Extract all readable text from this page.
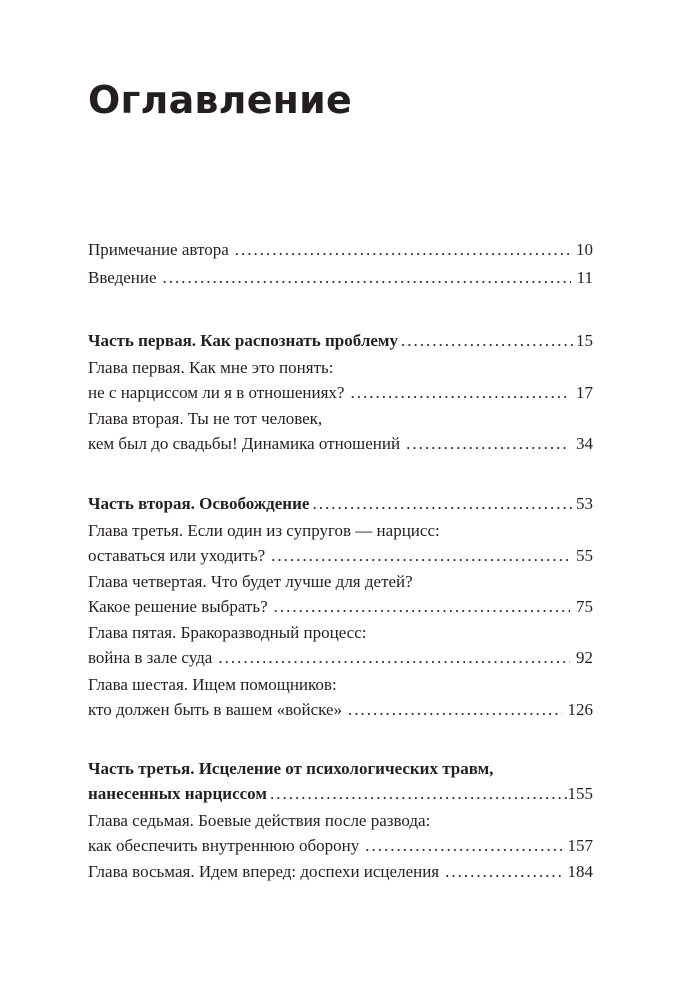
Оглавление
Примечание автора .....	10
Введение .....	11
Часть первая. Как распознать проблему .....	15
Глава первая. Как мне это понять:
не с нарциссом ли я в отношениях? .....	17
Глава вторая. Ты не тот человек,
кем был до свадьбы! Динамика отношений .....	34
Часть вторая. Освобождение .....	53
Глава третья. Если один из супругов — нарцисс:
оставаться или уходить? .....	55
Глава четвертая. Что будет лучше для детей?
Какое решение выбрать? .....	75
Глава пятая. Бракоразводный процесс:
война в зале суда .....	92
Глава шестая. Ищем помощников:
кто должен быть в вашем «войске» .....	126
Часть третья. Исцеление от психологических травм,
нанесенных нарциссом .....	155
Глава седьмая. Боевые действия после развода:
как обеспечить внутреннюю оборону .....	157
Глава восьмая. Идем вперед: доспехи исцеления .....	184
